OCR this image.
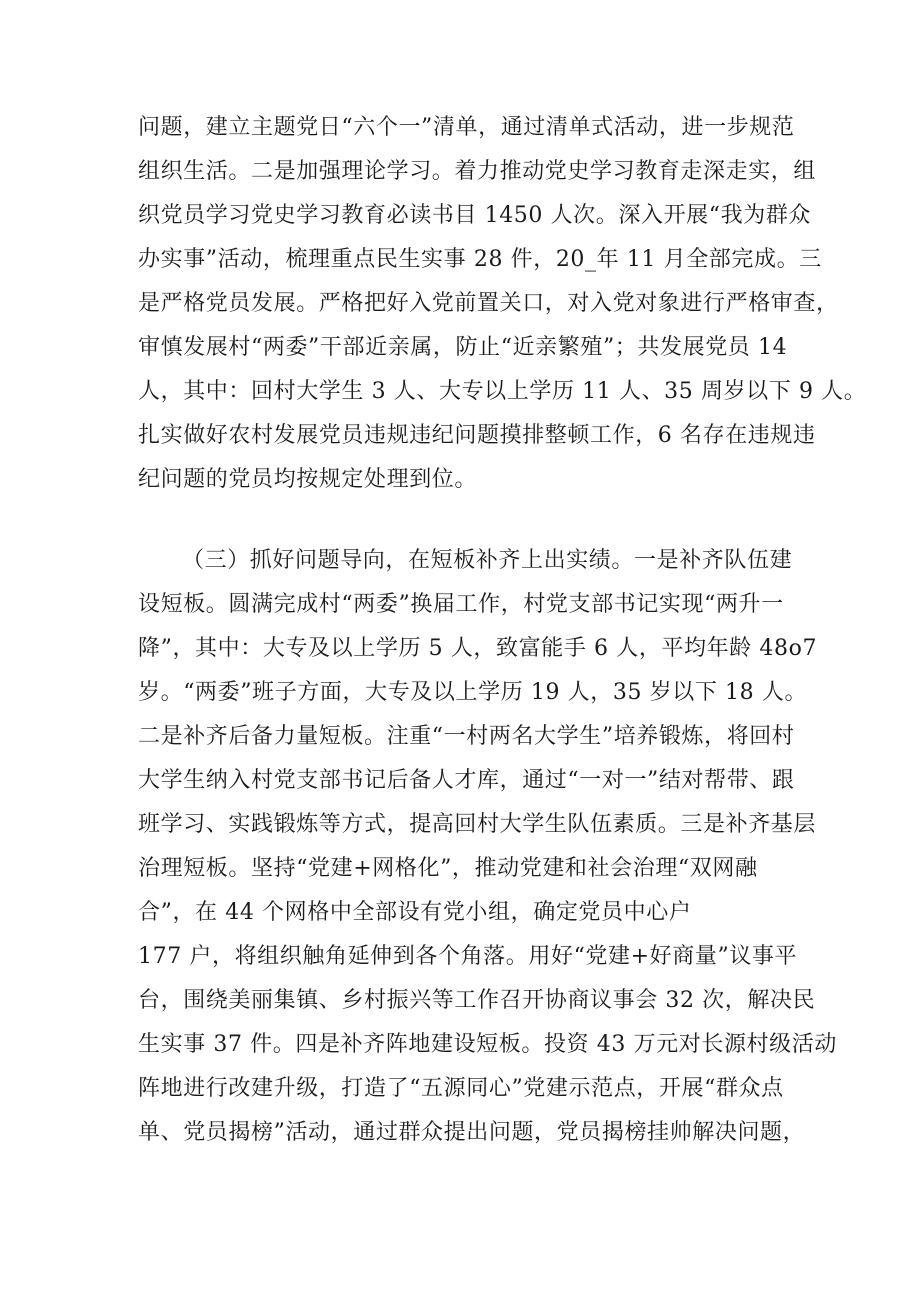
问题，建立主题党日“六个一”清单，通过清单式活动，进一步规范
组织生活。二是加强理论学习。着力推动党史学习教育走深走实，组
织党员学习党史学习教育必读书目 1450 人次。深入开展“我为群众
办实事”活动，梳理重点民生实事 28 件，20_年 11 月全部完成。三
是严格党员发展。严格把好入党前置关口，对入党对象进行严格审查，
审慎发展村“两委”干部近亲属，防止“近亲繁殖”；共发展党员 14
人，其中：回村大学生 3 人、大专以上学历 11 人、35 周岁以下 9 人。
扎实做好农村发展党员违规违纪问题摸排整顿工作，6 名存在违规违
纪问题的党员均按规定处理到位。
（三）抓好问题导向，在短板补齐上出实绩。一是补齐队伍建
设短板。圆满完成村“两委”换届工作，村党支部书记实现“两升一
降”，其中：大专及以上学历 5 人，致富能手 6 人，平均年龄 48o7
岁。“两委”班子方面，大专及以上学历 19 人，35 岁以下 18 人。
二是补齐后备力量短板。注重“一村两名大学生”培养锻炼，将回村
大学生纳入村党支部书记后备人才库，通过“一对一”结对帮带、跟
班学习、实践锻炼等方式，提高回村大学生队伍素质。三是补齐基层
治理短板。坚持“党建+网格化”，推动党建和社会治理“双网融
合”，在 44 个网格中全部设有党小组，确定党员中心户
177 户，将组织触角延伸到各个角落。用好“党建+好商量”议事平
台，围绕美丽集镇、乡村振兴等工作召开协商议事会 32 次，解决民
生实事 37 件。四是补齐阵地建设短板。投资 43 万元对长源村级活动
阵地进行改建升级，打造了“五源同心”党建示范点，开展“群众点
单、党员揭榜”活动，通过群众提出问题，党员揭榜挂帅解决问题，
